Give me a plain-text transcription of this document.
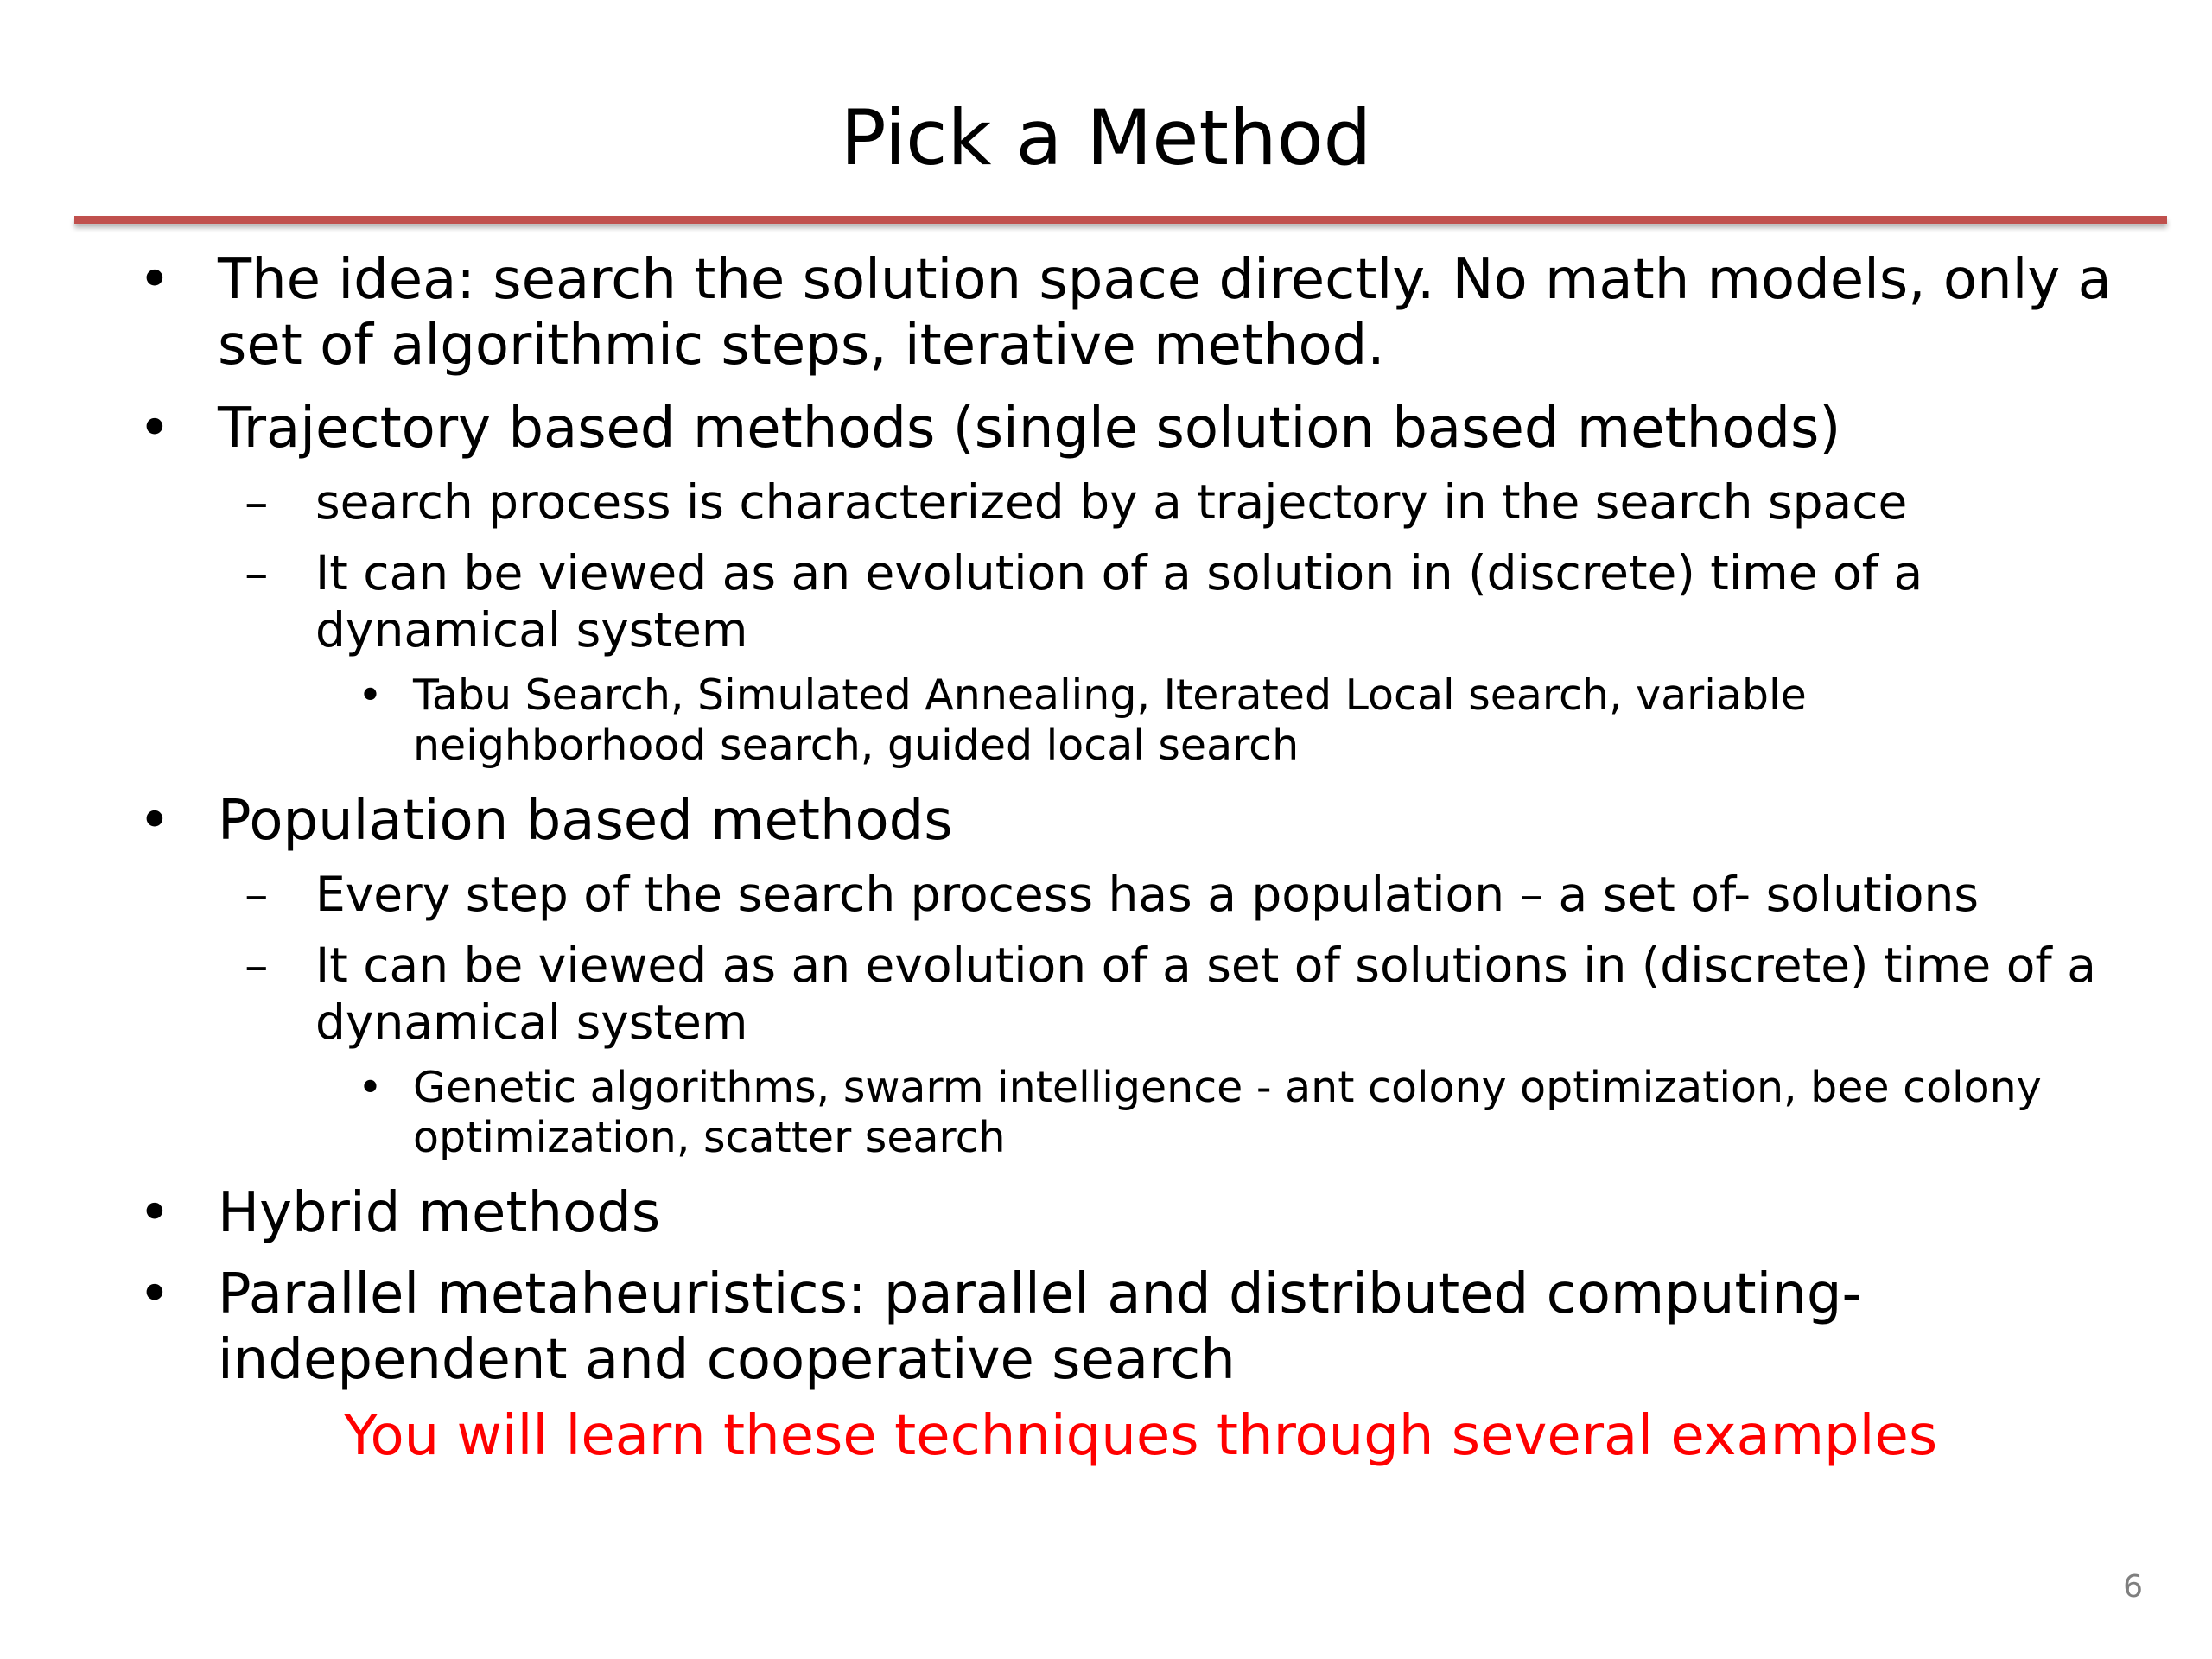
Pick a Method
• The idea: search the solution space directly. No math models, only a
set of algorithmic steps, iterative method.
• Trajectory based methods (single solution based methods)
– search process is characterized by a trajectory in the search space
– It can be viewed as an evolution of a solution in (discrete) time of a
dynamical system
• Tabu Search, Simulated Annealing, Iterated Local search, variable
neighborhood search, guided local search
• Population based methods
– Every step of the search process has a population – a set of- solutions
– It can be viewed as an evolution of a set of solutions in (discrete) time of a
dynamical system
• Genetic algorithms, swarm intelligence - ant colony optimization, bee colony
optimization, scatter search
• Hybrid methods
• Parallel metaheuristics: parallel and distributed computing-
independent and cooperative search
You will learn these techniques through several examples
6
